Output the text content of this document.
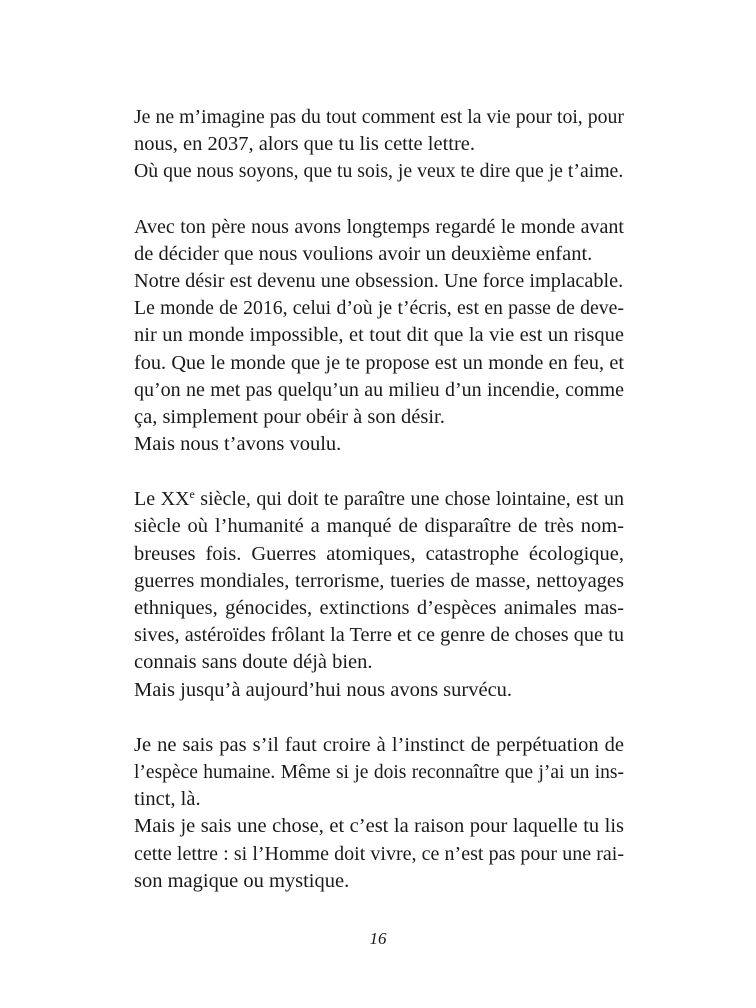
Je ne m’imagine pas du tout comment est la vie pour toi, pour
nous, en 2037, alors que tu lis cette lettre.
Où que nous soyons, que tu sois, je veux te dire que je t’aime.
Avec ton père nous avons longtemps regardé le monde avant
de décider que nous voulions avoir un deuxième enfant.
Notre désir est devenu une obsession. Une force implacable.
Le monde de 2016, celui d’où je t’écris, est en passe de deve-
nir un monde impossible, et tout dit que la vie est un risque
fou. Que le monde que je te propose est un monde en feu, et
qu’on ne met pas quelqu’un au milieu d’un incendie, comme
ça, simplement pour obéir à son désir.
Mais nous t’avons voulu.
Le XXe siècle, qui doit te paraître une chose lointaine, est un
siècle où l’humanité a manqué de disparaître de très nom-
breuses fois. Guerres atomiques, catastrophe écologique,
guerres mondiales, terrorisme, tueries de masse, nettoyages
ethniques, génocides, extinctions d’espèces animales mas-
sives, astéroïdes frôlant la Terre et ce genre de choses que tu
connais sans doute déjà bien.
Mais jusqu’à aujourd’hui nous avons survécu.
Je ne sais pas s’il faut croire à l’instinct de perpétuation de
l’espèce humaine. Même si je dois reconnaître que j’ai un ins-
tinct, là.
Mais je sais une chose, et c’est la raison pour laquelle tu lis
cette lettre : si l’Homme doit vivre, ce n’est pas pour une rai-
son magique ou mystique.
16
